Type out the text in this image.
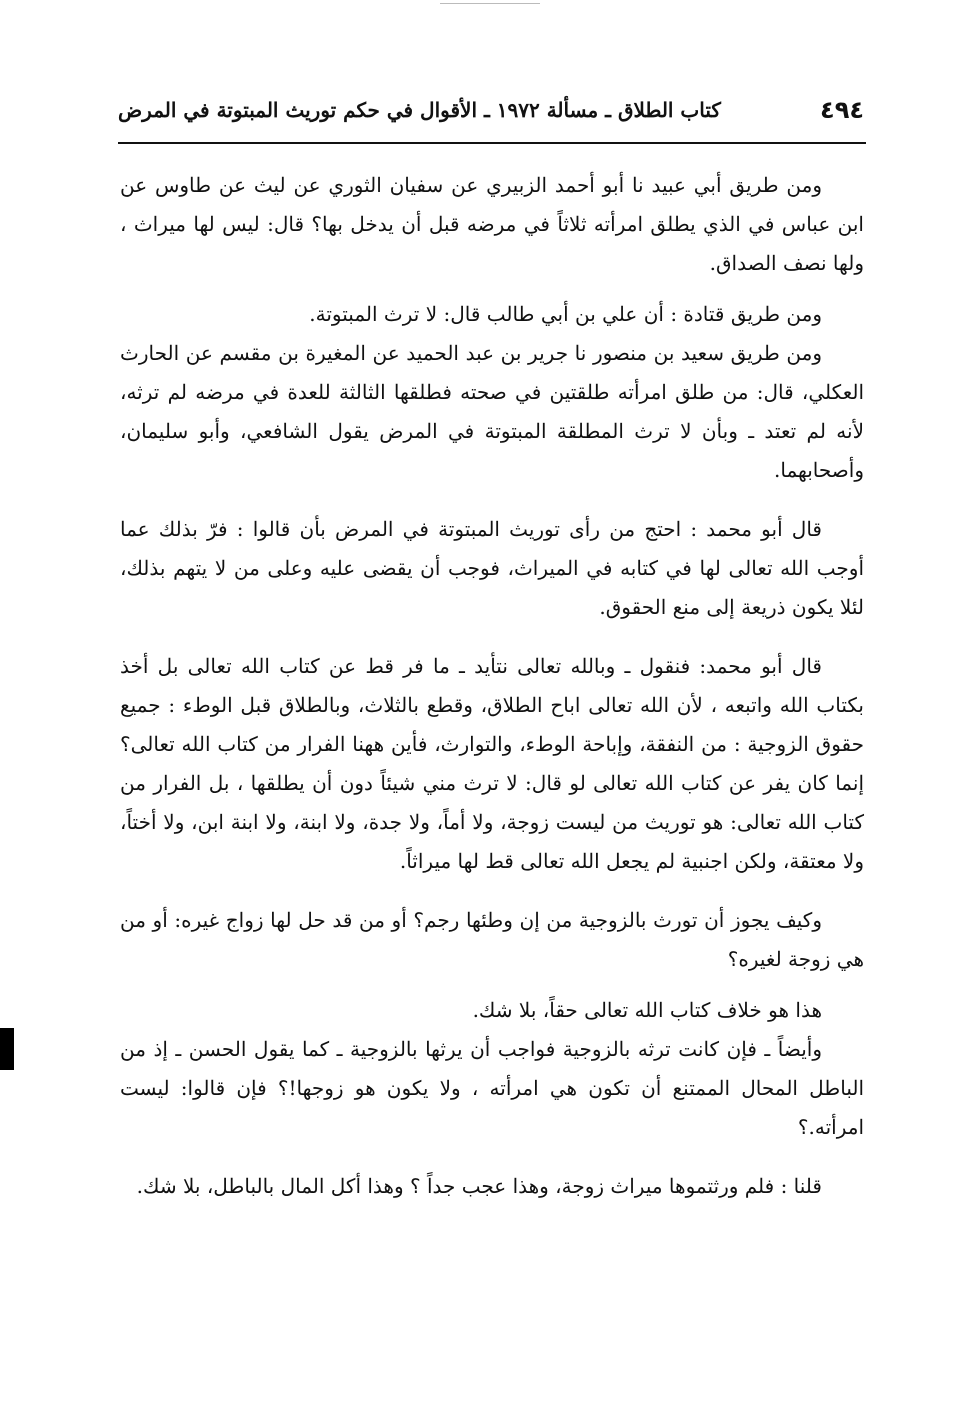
٤٩٤
كتاب الطلاق ـ مسألة ١٩٧٢ ـ الأقوال في حكم توريث المبتوتة في المرض

ومن طريق أبي عبيد نا أبو أحمد الزبيري عن سفيان الثوري عن ليث عن طاوس عن ابن عباس في الذي يطلق امرأته ثلاثاً في مرضه قبل أن يدخل بها؟ قال: ليس لها ميراث ، ولها نصف الصداق.

ومن طريق قتادة : أن علي بن أبي طالب قال: لا ترث المبتوتة.

ومن طريق سعيد بن منصور نا جرير بن عبد الحميد عن المغيرة بن مقسم عن الحارث العكلي، قال: من طلق امرأته طلقتين في صحته فطلقها الثالثة للعدة في مرضه لم ترثه، لأنه لم تعتد ـ وبأن لا ترث المطلقة المبتوتة في المرض يقول الشافعي، وأبو سليمان، وأصحابهما.

قال أبو محمد : احتج من رأى توريث المبتوتة في المرض بأن قالوا : فرّ بذلك عما أوجب الله تعالى لها في كتابه في الميراث، فوجب أن يقضى عليه وعلى من لا يتهم بذلك، لئلا يكون ذريعة إلى منع الحقوق.

قال أبو محمد: فنقول ـ وبالله تعالى نتأيد ـ ما فر قط عن كتاب الله تعالى بل أخذ بكتاب الله واتبعه ، لأن الله تعالى اباح الطلاق، وقطع بالثلاث، وبالطلاق قبل الوطء : جميع حقوق الزوجية : من النفقة، وإباحة الوطء، والتوارث، فأين ههنا الفرار من كتاب الله تعالى؟ إنما كان يفر عن كتاب الله تعالى لو قال: لا ترث مني شيئاً دون أن يطلقها ، بل الفرار من كتاب الله تعالى: هو توريث من ليست زوجة، ولا أماً، ولا جدة، ولا ابنة، ولا ابنة ابن، ولا أختاً، ولا معتقة، ولكن اجنبية لم يجعل الله تعالى قط لها ميراثاً.

وكيف يجوز أن تورث بالزوجية من إن وطئها رجم؟ أو من قد حل لها زواج غيره: أو من هي زوجة لغيره؟

هذا هو خلاف كتاب الله تعالى حقاً، بلا شك.

وأيضاً ـ فإن كانت ترثه بالزوجية فواجب أن يرثها بالزوجية ـ كما يقول الحسن ـ إذ من الباطل المحال الممتنع أن تكون هي امرأته ، ولا يكون هو زوجها!؟ فإن قالوا: ليست امرأته.؟

قلنا : فلم ورثتموها ميراث زوجة، وهذا عجب جداً ؟ وهذا أكل المال بالباطل، بلا شك.
